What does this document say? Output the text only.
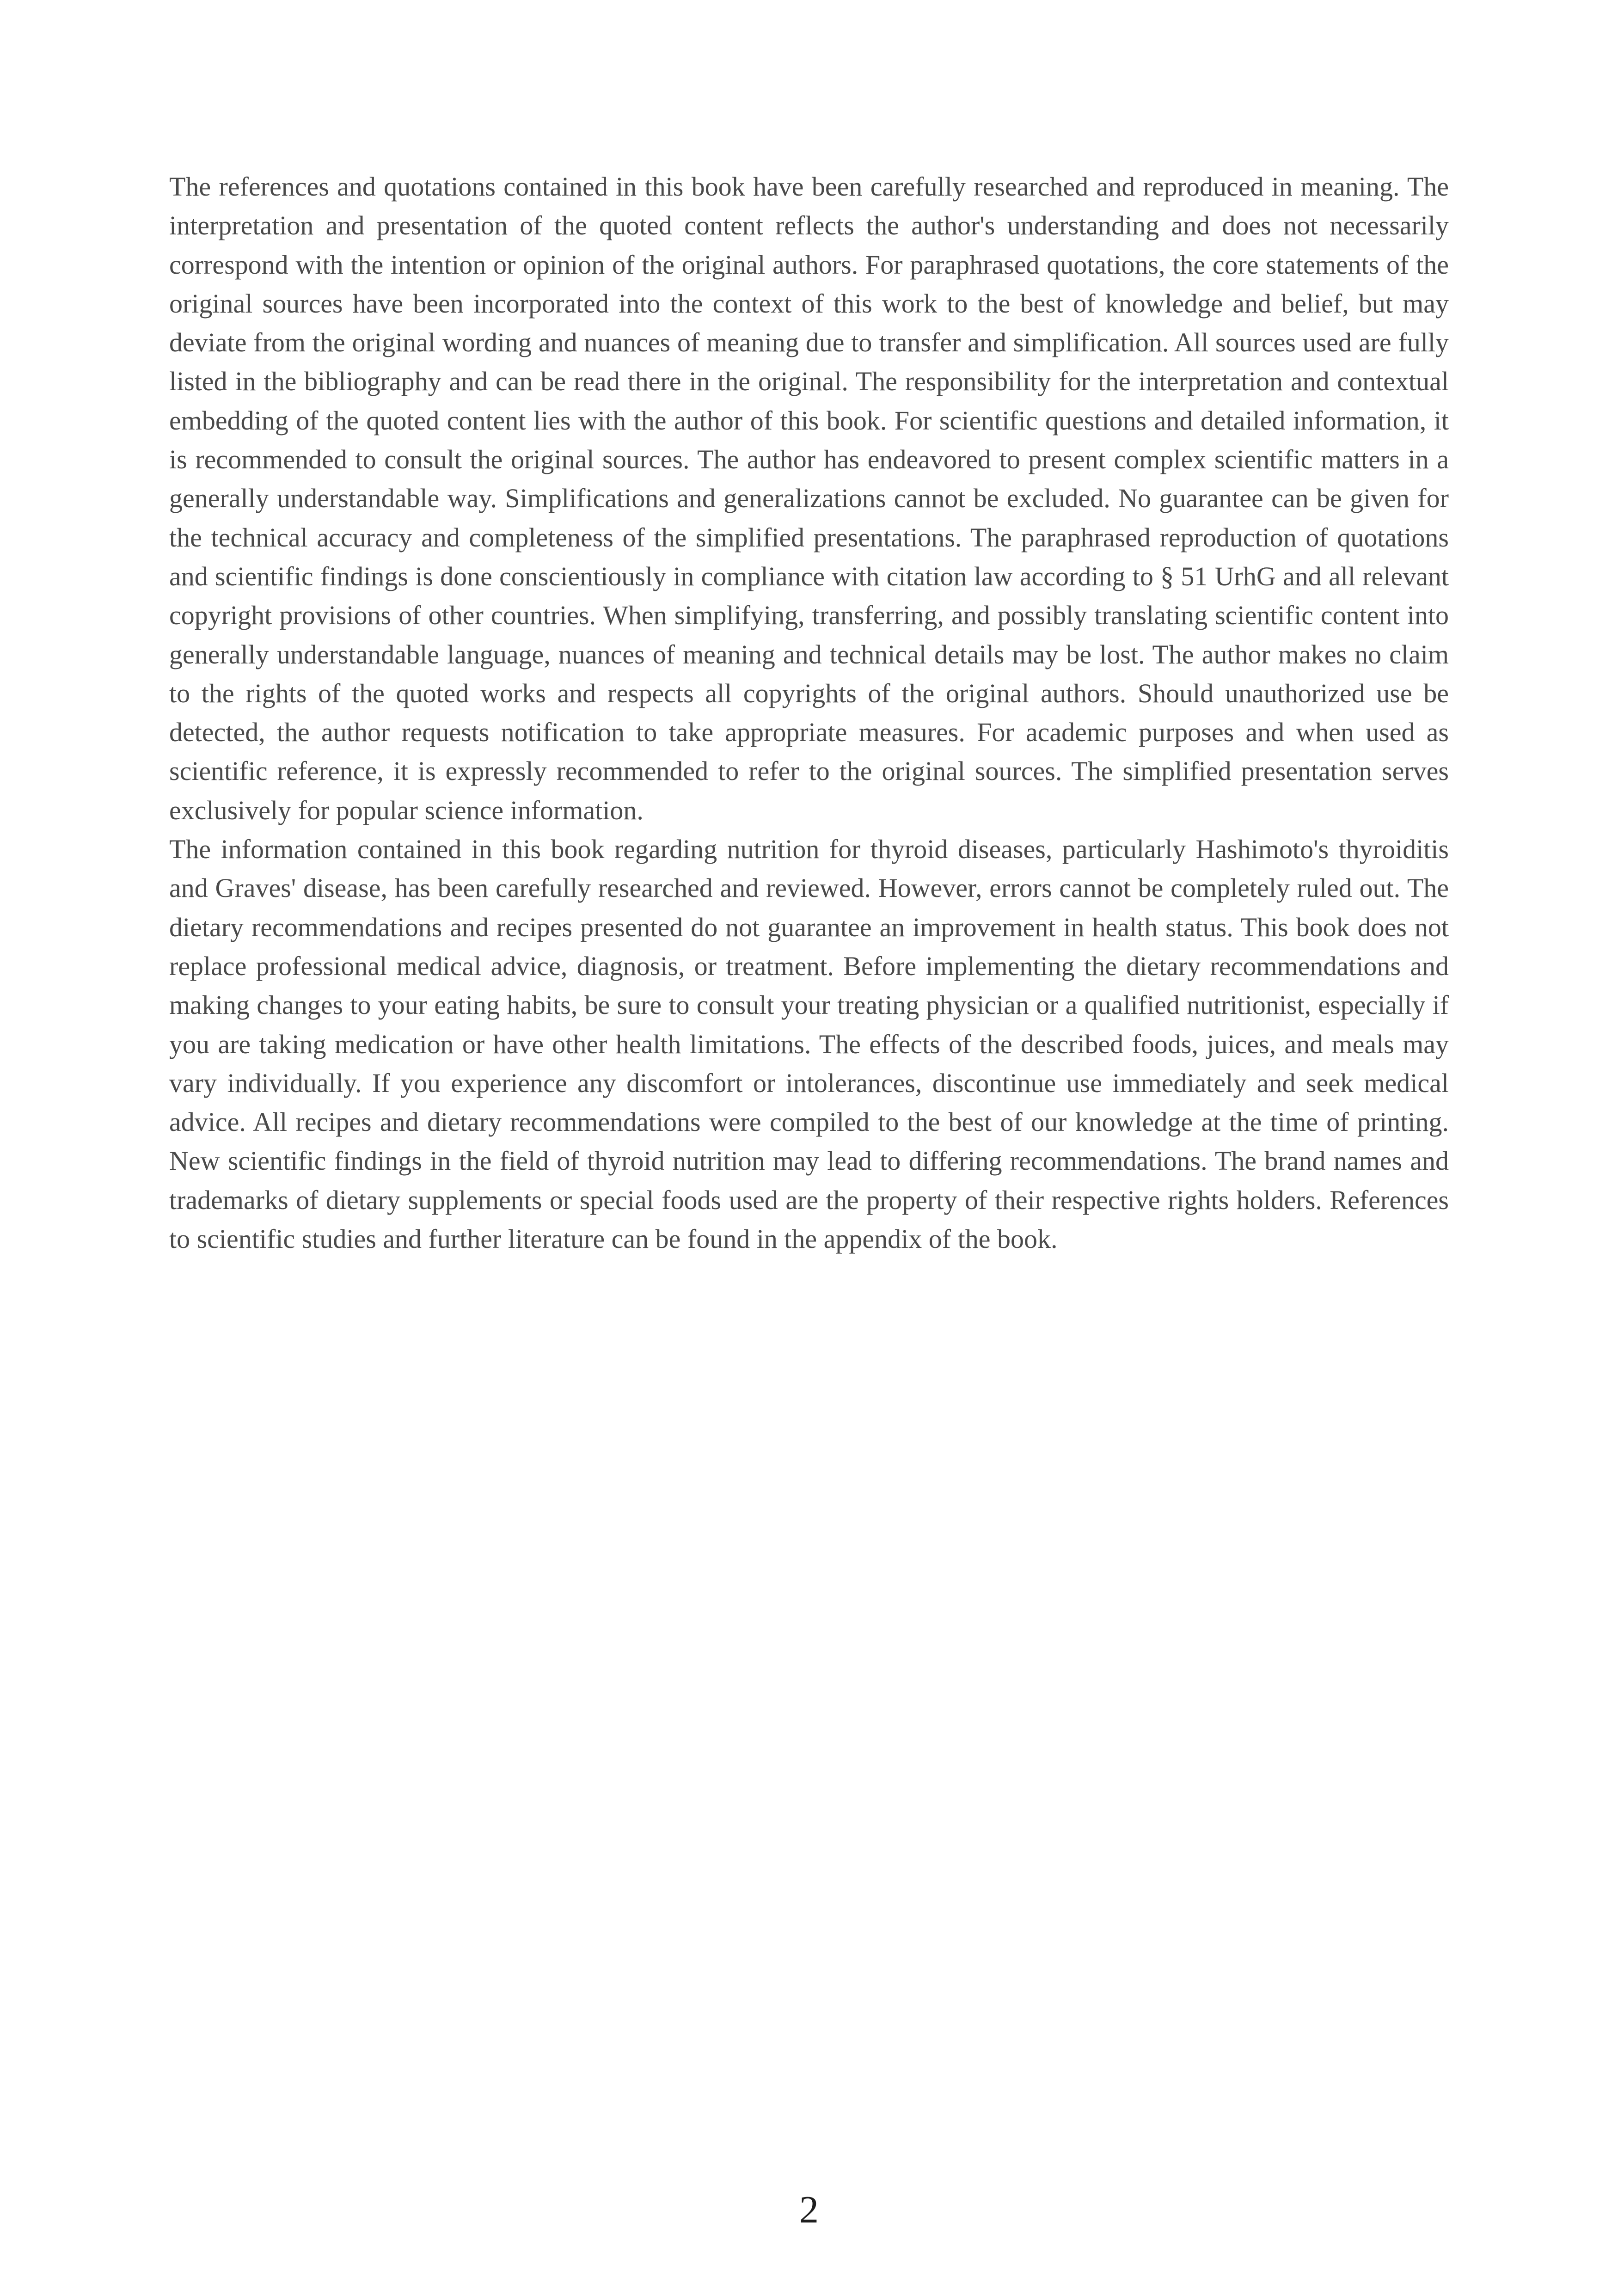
The references and quotations contained in this book have been carefully researched and reproduced in meaning. The interpretation and presentation of the quoted content reflects the author's understanding and does not necessarily correspond with the intention or opinion of the original authors. For paraphrased quotations, the core statements of the original sources have been incorporated into the context of this work to the best of knowledge and belief, but may deviate from the original wording and nuances of meaning due to transfer and simplification. All sources used are fully listed in the bibliography and can be read there in the original. The responsibility for the interpretation and contextual embedding of the quoted content lies with the author of this book. For scientific questions and detailed information, it is recommended to consult the original sources. The author has endeavored to present complex scientific matters in a generally understandable way. Simplifications and generalizations cannot be excluded. No guarantee can be given for the technical accuracy and completeness of the simplified presentations. The paraphrased reproduction of quotations and scientific findings is done conscientiously in compliance with citation law according to § 51 UrhG and all relevant copyright provisions of other countries. When simplifying, transferring, and possibly translating scientific content into generally understandable language, nuances of meaning and technical details may be lost. The author makes no claim to the rights of the quoted works and respects all copyrights of the original authors. Should unauthorized use be detected, the author requests notification to take appropriate measures. For academic purposes and when used as scientific reference, it is expressly recommended to refer to the original sources. The simplified presentation serves exclusively for popular science information.

The information contained in this book regarding nutrition for thyroid diseases, particularly Hashimoto's thyroiditis and Graves' disease, has been carefully researched and reviewed. However, errors cannot be completely ruled out. The dietary recommendations and recipes presented do not guarantee an improvement in health status. This book does not replace professional medical advice, diagnosis, or treatment. Before implementing the dietary recommendations and making changes to your eating habits, be sure to consult your treating physician or a qualified nutritionist, especially if you are taking medication or have other health limitations. The effects of the described foods, juices, and meals may vary individually. If you experience any discomfort or intolerances, discontinue use immediately and seek medical advice. All recipes and dietary recommendations were compiled to the best of our knowledge at the time of printing. New scientific findings in the field of thyroid nutrition may lead to differing recommendations. The brand names and trademarks of dietary supplements or special foods used are the property of their respective rights holders. References to scientific studies and further literature can be found in the appendix of the book.

2
